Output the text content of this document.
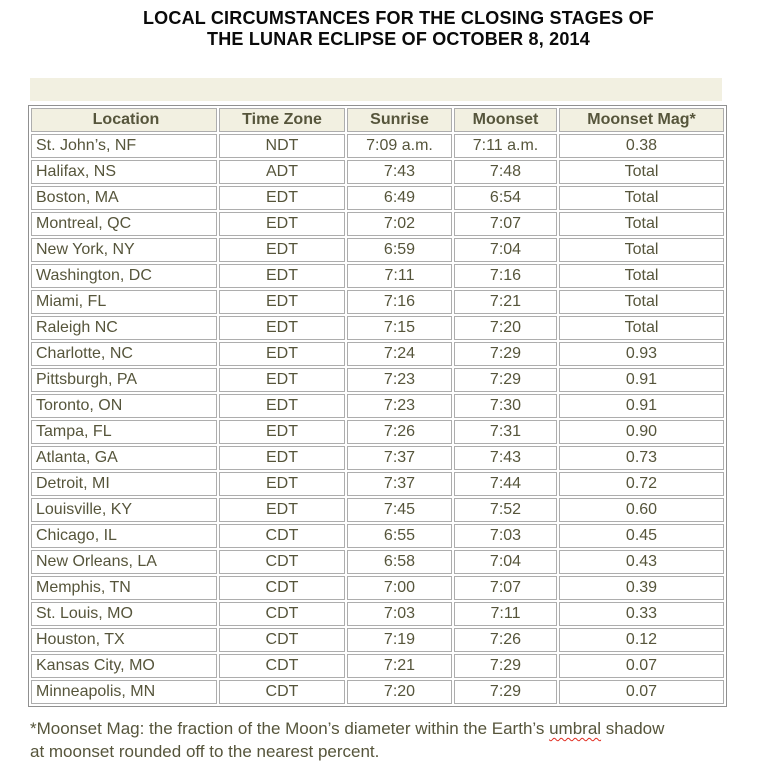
LOCAL CIRCUMSTANCES FOR THE CLOSING STAGES OF
THE LUNAR ECLIPSE OF OCTOBER 8, 2014
Location	Time Zone	Sunrise	Moonset	Moonset Mag*
St. John’s, NF	NDT	7:09 a.m.	7:11 a.m.	0.38
Halifax, NS	ADT	7:43	7:48	Total
Boston, MA	EDT	6:49	6:54	Total
Montreal, QC	EDT	7:02	7:07	Total
New York, NY	EDT	6:59	7:04	Total
Washington, DC	EDT	7:11	7:16	Total
Miami, FL	EDT	7:16	7:21	Total
Raleigh NC	EDT	7:15	7:20	Total
Charlotte, NC	EDT	7:24	7:29	0.93
Pittsburgh, PA	EDT	7:23	7:29	0.91
Toronto, ON	EDT	7:23	7:30	0.91
Tampa, FL	EDT	7:26	7:31	0.90
Atlanta, GA	EDT	7:37	7:43	0.73
Detroit, MI	EDT	7:37	7:44	0.72
Louisville, KY	EDT	7:45	7:52	0.60
Chicago, IL	CDT	6:55	7:03	0.45
New Orleans, LA	CDT	6:58	7:04	0.43
Memphis, TN	CDT	7:00	7:07	0.39
St. Louis, MO	CDT	7:03	7:11	0.33
Houston, TX	CDT	7:19	7:26	0.12
Kansas City, MO	CDT	7:21	7:29	0.07
Minneapolis, MN	CDT	7:20	7:29	0.07
*Moonset Mag: the fraction of the Moon’s diameter within the Earth’s umbral shadow
at moonset rounded off to the nearest percent.
